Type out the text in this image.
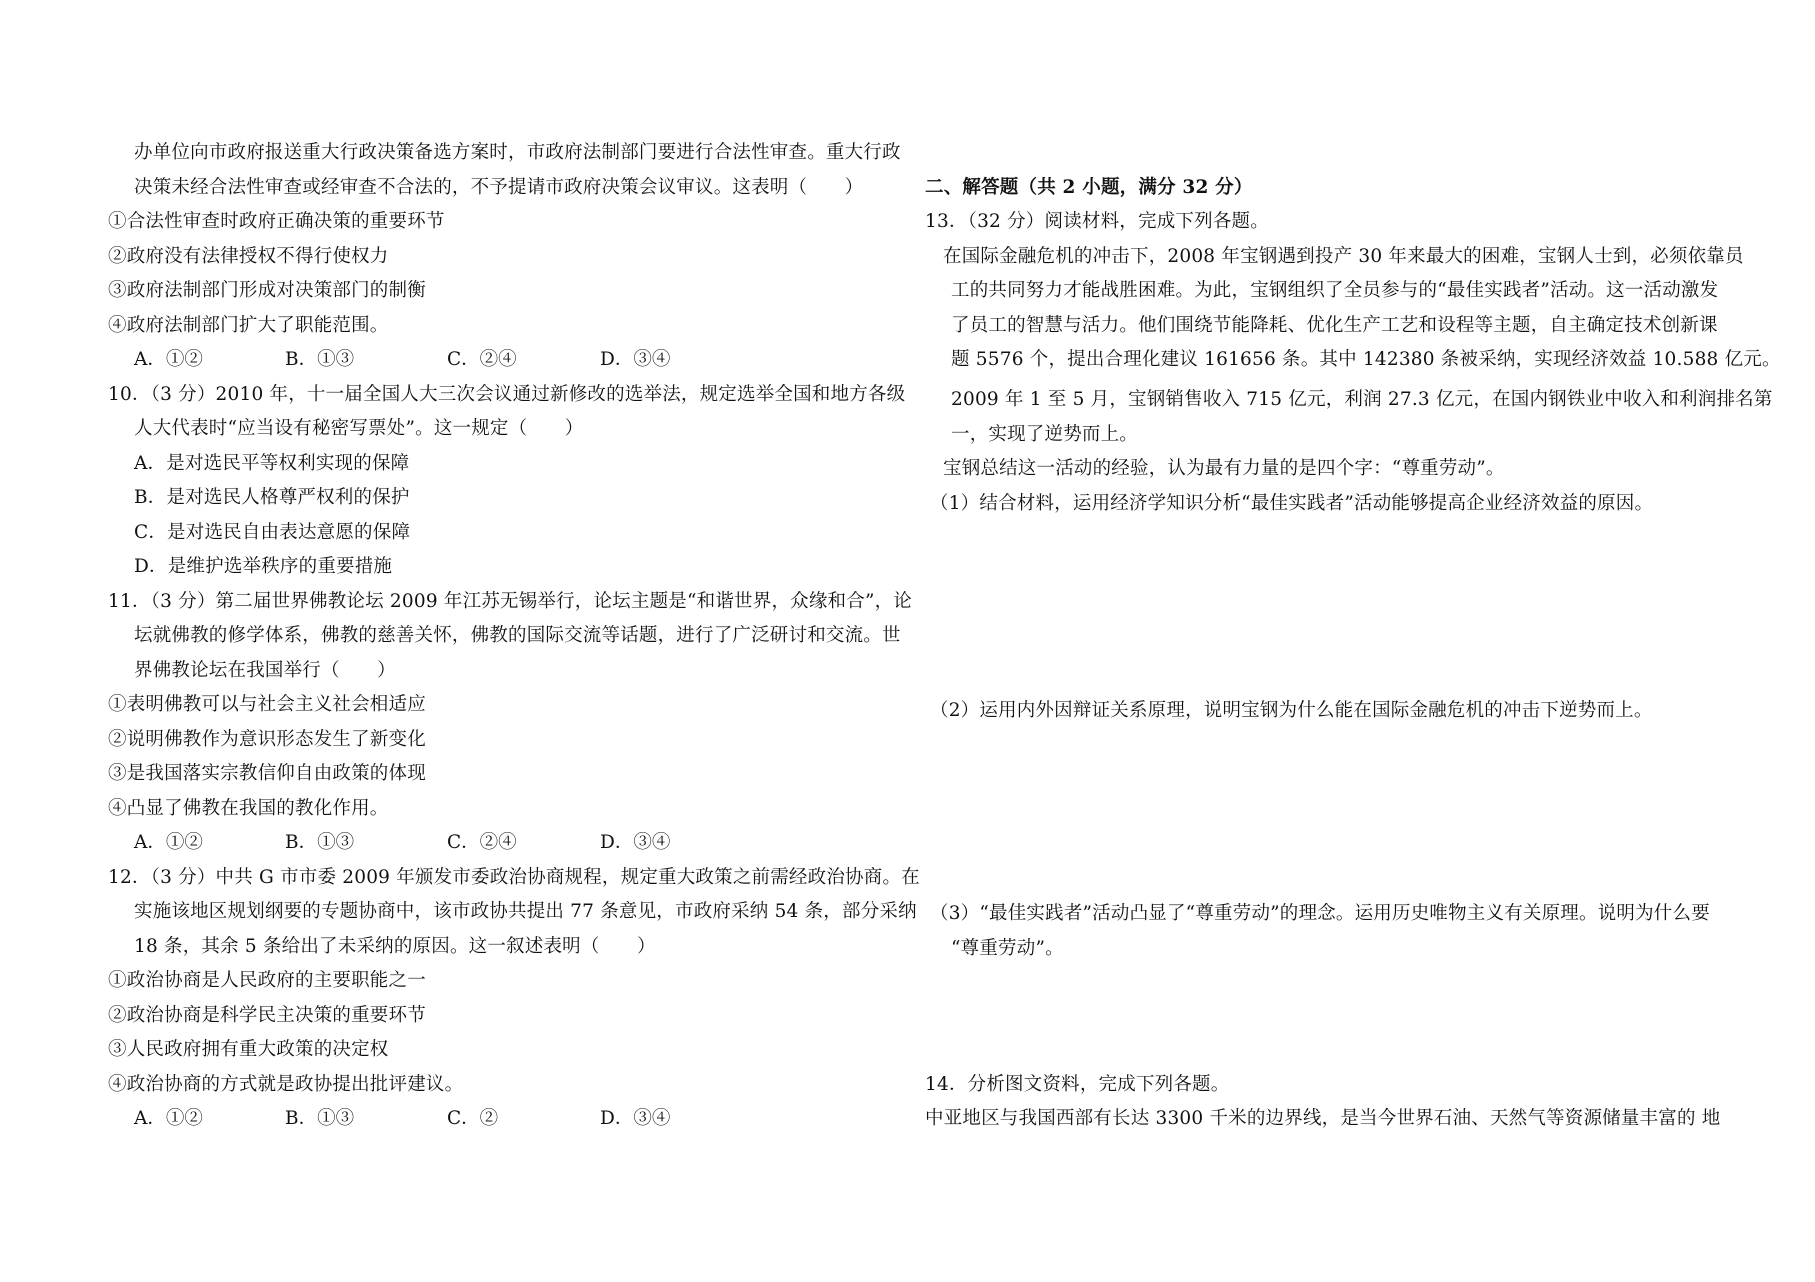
办单位向市政府报送重大行政决策备选方案时，市政府法制部门要进行合法性审查。重大行政
决策未经合法性审查或经审查不合法的，不予提请市政府决策会议审议。这表明（　　）
①合法性审查时政府正确决策的重要环节
②政府没有法律授权不得行使权力
③政府法制部门形成对决策部门的制衡
④政府法制部门扩大了职能范围。
A．①②	B．①③	C．②④	D．③④
10．（3 分）2010 年，十一届全国人大三次会议通过新修改的选举法，规定选举全国和地方各级
人大代表时“应当设有秘密写票处”。这一规定（　　）
A．是对选民平等权利实现的保障
B．是对选民人格尊严权利的保护
C．是对选民自由表达意愿的保障
D．是维护选举秩序的重要措施
11．（3 分）第二届世界佛教论坛 2009 年江苏无锡举行，论坛主题是“和谐世界，众缘和合”，论
坛就佛教的修学体系，佛教的慈善关怀，佛教的国际交流等话题，进行了广泛研讨和交流。世
界佛教论坛在我国举行（　　）
①表明佛教可以与社会主义社会相适应
②说明佛教作为意识形态发生了新变化
③是我国落实宗教信仰自由政策的体现
④凸显了佛教在我国的教化作用。
A．①②	B．①③	C．②④	D．③④
12．（3 分）中共 G 市市委 2009 年颁发市委政治协商规程，规定重大政策之前需经政治协商。在
实施该地区规划纲要的专题协商中，该市政协共提出 77 条意见，市政府采纳 54 条，部分采纳
18 条，其余 5 条给出了未采纳的原因。这一叙述表明（　　）
①政治协商是人民政府的主要职能之一
②政治协商是科学民主决策的重要环节
③人民政府拥有重大政策的决定权
④政治协商的方式就是政协提出批评建议。
A．①②	B．①③	C．②	D．③④
二、解答题（共 2 小题，满分 32 分）
13．（32 分）阅读材料，完成下列各题。
在国际金融危机的冲击下，2008 年宝钢遇到投产 30 年来最大的困难，宝钢人士到，必须依靠员
工的共同努力才能战胜困难。为此，宝钢组织了全员参与的“最佳实践者”活动。这一活动激发
了员工的智慧与活力。他们围绕节能降耗、优化生产工艺和设程等主题，自主确定技术创新课
题 5576 个，提出合理化建议 161656 条。其中 142380 条被采纳，实现经济效益 10.588 亿元。
2009 年 1 至 5 月，宝钢销售收入 715 亿元，利润 27.3 亿元，在国内钢铁业中收入和利润排名第
一，实现了逆势而上。
宝钢总结这一活动的经验，认为最有力量的是四个字：“尊重劳动”。
（1）结合材料，运用经济学知识分析“最佳实践者”活动能够提高企业经济效益的原因。
（2）运用内外因辩证关系原理，说明宝钢为什么能在国际金融危机的冲击下逆势而上。
（3）“最佳实践者”活动凸显了“尊重劳动”的理念。运用历史唯物主义有关原理。说明为什么要
“尊重劳动”。
14．分析图文资料，完成下列各题。
中亚地区与我国西部有长达 3300 千米的边界线，是当今世界石油、天然气等资源储量丰富的 地
